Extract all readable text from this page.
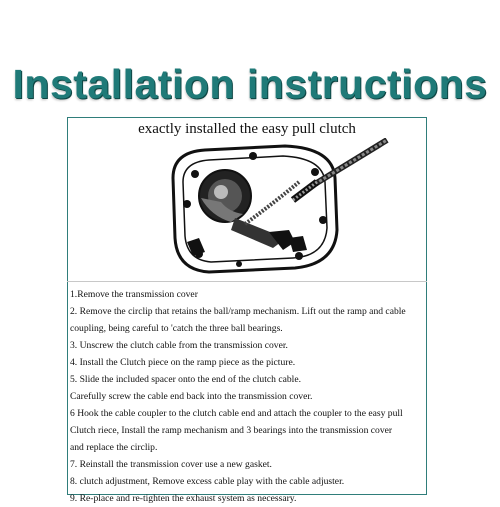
Installation instructions
exactly installed the easy pull clutch
1.Remove the transmission cover
2. Remove the circlip that retains the ball/ramp mechanism. Lift out the ramp and cable
coupling, being careful to 'catch the three ball bearings.
3. Unscrew the clutch cable from the transmission cover.
4. Install the Clutch piece on the ramp piece as the picture.
5. Slide the included spacer onto the end of the clutch cable.
Carefully screw the cable end back into the transmission cover.
6 Hook the cable coupler to the clutch cable end and attach the coupler to the easy pull
Clutch riece, Install the ramp mechanism and 3 bearings into the transmission cover
and replace the circlip.
7. Reinstall the transmission cover use a new gasket.
8. clutch adjustment, Remove excess cable play with the cable adjuster.
9. Re-place and re-tighten the exhaust system as necessary.
